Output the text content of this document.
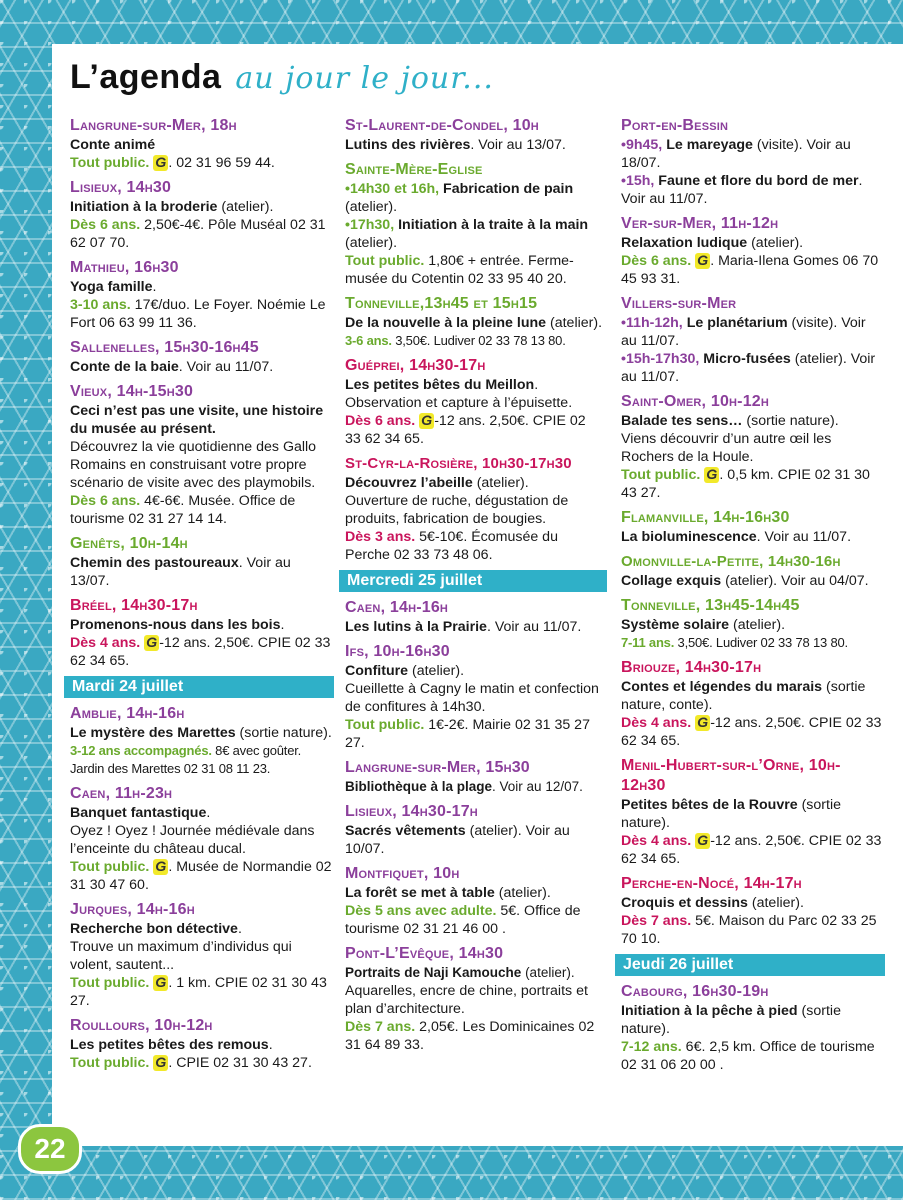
L’agenda au jour le jour...
Langrune-sur-Mer, 18h
Conte animé
Tout public. G . 02 31 96 59 44.
Lisieux, 14h30
Initiation à la broderie (atelier).
Dès 6 ans. 2,50€-4€. Pôle Muséal 02 31 62 07 70.
Mathieu, 16h30
Yoga famille.
3-10 ans. 17€/duo. Le Foyer. Noémie Le Fort 06 63 99 11 36.
Sallenelles, 15h30-16h45
Conte de la baie. Voir au 11/07.
Vieux, 14h-15h30
Ceci n’est pas une visite, une histoire du musée au présent.
Découvrez la vie quotidienne des Gallo Romains en construisant votre propre scénario de visite avec des playmobils.
Dès 6 ans. 4€-6€. Musée. Office de tourisme 02 31 27 14 14.
Genêts, 10h-14h
Chemin des pastoureaux. Voir au 13/07.
Bréel, 14h30-17h
Promenons-nous dans les bois.
Dès 4 ans. G -12 ans. 2,50€. CPIE 02 33 62 34 65.
Mardi 24 juillet
Amblie, 14h-16h
Le mystère des Marettes (sortie nature).
3-12 ans accompagnés. 8€ avec goûter. Jardin des Marettes 02 31 08 11 23.
Caen, 11h-23h
Banquet fantastique.
Oyez ! Oyez ! Journée médiévale dans l’enceinte du château ducal.
Tout public. G . Musée de Normandie 02 31 30 47 60.
Jurques, 14h-16h
Recherche bon détective.
Trouve un maximum d’individus qui volent, sautent...
Tout public. G . 1 km. CPIE 02 31 30 43 27.
Roullours, 10h-12h
Les petites bêtes des remous.
Tout public. G . CPIE 02 31 30 43 27.
St-Laurent-de-Condel, 10h
Lutins des rivières. Voir au 13/07.
Sainte-Mère-Eglise
•14h30 et 16h, Fabrication de pain (atelier).
•17h30, Initiation à la traite à la main (atelier).
Tout public. 1,80€ + entrée. Ferme-musée du Cotentin 02 33 95 40 20.
Tonneville,13h45 et 15h15
De la nouvelle à la pleine lune (atelier).
3-6 ans. 3,50€. Ludiver 02 33 78 13 80.
Guéprei, 14h30-17h
Les petites bêtes du Meillon.
Observation et capture à l’épuisette.
Dès 6 ans. G -12 ans. 2,50€. CPIE 02 33 62 34 65.
St-Cyr-la-Rosière, 10h30-17h30
Découvrez l’abeille (atelier).
Ouverture de ruche, dégustation de produits, fabrication de bougies.
Dès 3 ans. 5€-10€. Écomusée du Perche 02 33 73 48 06.
Mercredi 25 juillet
Caen, 14h-16h
Les lutins à la Prairie. Voir au 11/07.
Ifs, 10h-16h30
Confiture (atelier).
Cueillette à Cagny le matin et confection de confitures à 14h30.
Tout public. 1€-2€. Mairie 02 31 35 27 27.
Langrune-sur-Mer, 15h30
Bibliothèque à la plage. Voir au 12/07.
Lisieux, 14h30-17h
Sacrés vêtements (atelier). Voir au 10/07.
Montfiquet, 10h
La forêt se met à table (atelier).
Dès 5 ans avec adulte. 5€. Office de tourisme 02 31 21 46 00 .
Pont-L’Evêque, 14h30
Portraits de Naji Kamouche (atelier).
Aquarelles, encre de chine, portraits et plan d’architecture.
Dès 7 ans. 2,05€. Les Dominicaines 02 31 64 89 33.
Port-en-Bessin
•9h45, Le mareyage (visite). Voir au 18/07.
•15h, Faune et flore du bord de mer. Voir au 11/07.
Ver-sur-Mer, 11h-12h
Relaxation ludique (atelier).
Dès 6 ans. G . Maria-Ilena Gomes 06 70 45 93 31.
Villers-sur-Mer
•11h-12h, Le planétarium (visite). Voir au 11/07.
•15h-17h30, Micro-fusées (atelier). Voir au 11/07.
Saint-Omer, 10h-12h
Balade tes sens… (sortie nature).
Viens découvrir d’un autre œil les Rochers de la Houle.
Tout public. G . 0,5 km. CPIE 02 31 30 43 27.
Flamanville, 14h-16h30
La bioluminescence. Voir au 11/07.
Omonville-la-Petite, 14h30-16h
Collage exquis (atelier). Voir au 04/07.
Tonneville, 13h45-14h45
Système solaire (atelier).
7-11 ans. 3,50€. Ludiver 02 33 78 13 80.
Briouze, 14h30-17h
Contes et légendes du marais (sortie nature, conte).
Dès 4 ans. G -12 ans. 2,50€. CPIE 02 33 62 34 65.
Menil-Hubert-sur-l’Orne, 10h-12h30
Petites bêtes de la Rouvre (sortie nature).
Dès 4 ans. G -12 ans. 2,50€. CPIE 02 33 62 34 65.
Perche-en-Nocé, 14h-17h
Croquis et dessins (atelier).
Dès 7 ans. 5€. Maison du Parc 02 33 25 70 10.
Jeudi 26 juillet
Cabourg, 16h30-19h
Initiation à la pêche à pied (sortie nature).
7-12 ans. 6€. 2,5 km. Office de tourisme 02 31 06 20 00 .
22
